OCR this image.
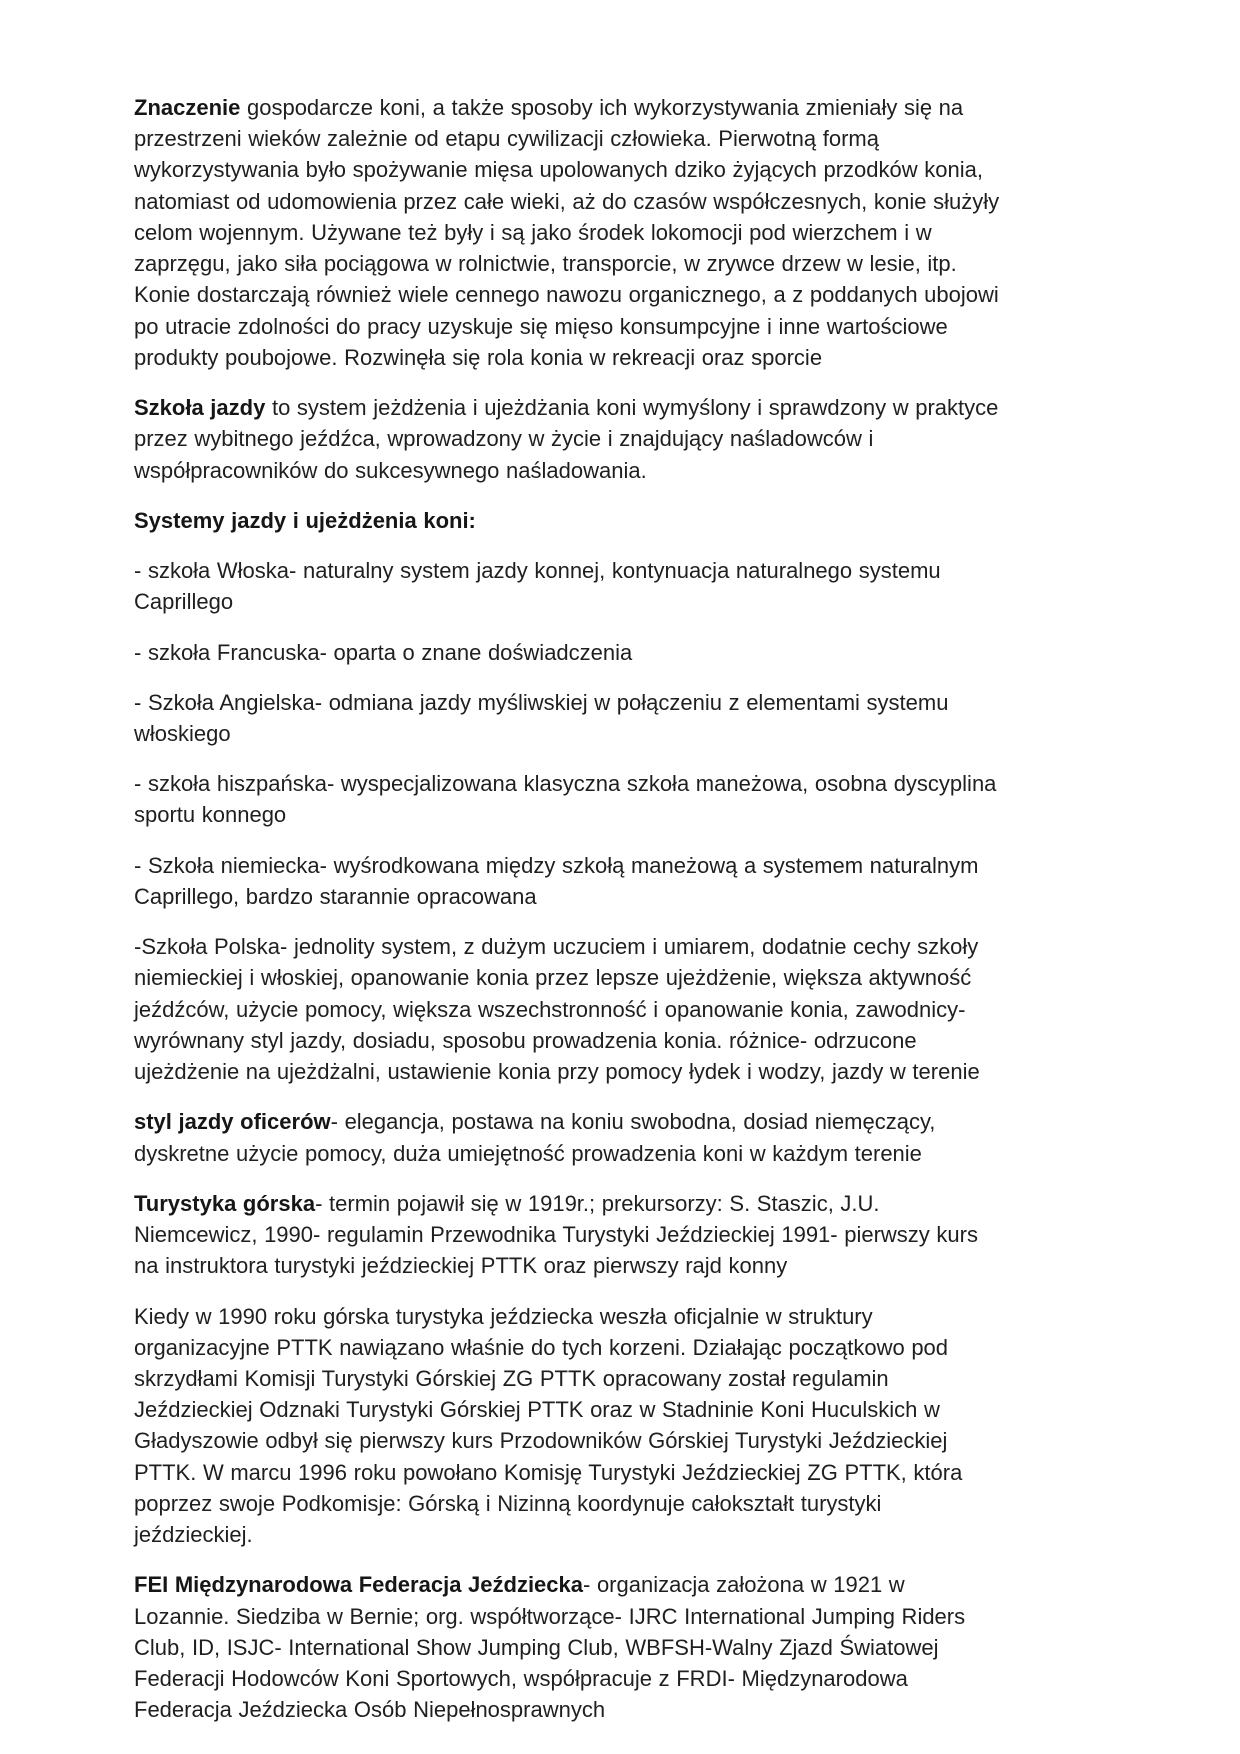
Znaczenie gospodarcze koni, a także sposoby ich wykorzystywania zmieniały się na przestrzeni wieków zależnie od etapu cywilizacji człowieka. Pierwotną formą wykorzystywania było spożywanie mięsa upolowanych dziko żyjących przodków konia, natomiast od udomowienia przez całe wieki, aż do czasów współczesnych, konie służyły celom wojennym. Używane też były i są jako środek lokomocji pod wierzchem i w zaprzęgu, jako siła pociągowa w rolnictwie, transporcie, w zrywce drzew w lesie, itp. Konie dostarczają również wiele cennego nawozu organicznego, a z poddanych ubojowi po utracie zdolności do pracy uzyskuje się mięso konsumpcyjne i inne wartościowe produkty poubojowe. Rozwinęła się rola konia w rekreacji oraz sporcie

Szkoła jazdy to system jeżdżenia i ujeżdżania koni wymyślony i sprawdzony w praktyce przez wybitnego jeźdźca, wprowadzony w życie i znajdujący naśladowców i współpracowników do sukcesywnego naśladowania.

Systemy jazdy i ujeżdżenia koni:

- szkoła Włoska- naturalny system jazdy konnej, kontynuacja naturalnego systemu Caprillego

- szkoła Francuska- oparta o znane doświadczenia

- Szkoła Angielska- odmiana jazdy myśliwskiej w połączeniu z elementami systemu włoskiego

- szkoła hiszpańska- wyspecjalizowana klasyczna szkoła maneżowa, osobna dyscyplina sportu konnego

- Szkoła niemiecka- wyśrodkowana między szkołą maneżową a systemem naturalnym Caprillego, bardzo starannie opracowana

-Szkoła Polska- jednolity system, z dużym uczuciem i umiarem, dodatnie cechy szkoły niemieckiej i włoskiej, opanowanie konia przez lepsze ujeżdżenie, większa aktywność jeźdźców, użycie pomocy, większa wszechstronność i opanowanie konia, zawodnicy- wyrównany styl jazdy, dosiadu, sposobu prowadzenia konia. różnice- odrzucone ujeżdżenie na ujeżdżalni, ustawienie konia przy pomocy łydek i wodzy, jazdy w terenie

styl jazdy oficerów- elegancja, postawa na koniu swobodna, dosiad niemęczący, dyskretne użycie pomocy, duża umiejętność prowadzenia koni w każdym terenie

Turystyka górska- termin pojawił się w 1919r.; prekursorzy: S. Staszic, J.U. Niemcewicz, 1990- regulamin Przewodnika Turystyki Jeździeckiej 1991- pierwszy kurs na instruktora turystyki jeździeckiej PTTK oraz pierwszy rajd konny

Kiedy w 1990 roku górska turystyka jeździecka weszła oficjalnie w struktury organizacyjne PTTK nawiązano właśnie do tych korzeni. Działając początkowo pod skrzydłami Komisji Turystyki Górskiej ZG PTTK opracowany został regulamin Jeździeckiej Odznaki Turystyki Górskiej PTTK oraz w Stadninie Koni Huculskich w Gładyszowie odbył się pierwszy kurs Przodowników Górskiej Turystyki Jeździeckiej PTTK. W marcu 1996 roku powołano Komisję Turystyki Jeździeckiej ZG PTTK, która poprzez swoje Podkomisje: Górską i Nizinną koordynuje całokształt turystyki jeździeckiej.

FEI Międzynarodowa Federacja Jeździecka- organizacja założona w 1921 w Lozannie. Siedziba w Bernie; org. współtworzące- IJRC International Jumping Riders Club, ID, ISJC- International Show Jumping Club, WBFSH-Walny Zjazd Światowej Federacji Hodowców Koni Sportowych, współpracuje z FRDI- Międzynarodowa Federacja Jeździecka Osób Niepełnosprawnych
